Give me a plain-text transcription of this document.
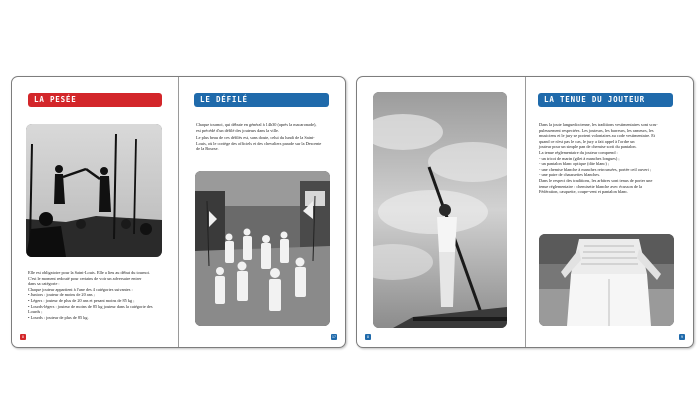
LA PESÉE
Elle est obligatoire pour la Saint-Louis. Elle a lieu au début du tournoi.
C'est le moment redouté pour certains de voir un adversaire entrer
dans sa catégorie :
Chaque jouteur appartient à l'une des 4 catégories suivantes :
• Juniors : jouteur de moins de 20 ans ;
• Légers : jouteur de plus de 20 ans et pesant moins de 85 kg ;
• Lourds-légers : jouteur de moins de 85 kg jouteur dans la catégorie des
Lourds ;
• Lourds : jouteur de plus de 85 kg.
8
LE DÉFILÉ
Chaque tournoi, qui débute en général à 14h30 (après la macaronade),
est précédé d'un défilé des jouteurs dans la ville.
Le plus beau de ces défilés est, sans doute, celui du lundi de la Saint-
Louis, où le cortège des officiels et des chevaliers parade sur la Descente
de la Bourse.
17	8
LA TENUE DU JOUTEUR
Dans la joute languedocienne, les traditions vestimentaires sont scru-
puleusement respectées. Les jouteurs, les barreurs, les rameurs, les
musiciens et le jury se portent volontaires au code vestimentaire. Et
quand ce n'est pas le cas, le jury a fait appel à l'ordre un
jouteur pour un simple pan de chemise sorti du pantalon.
La tenue réglementaire du jouteur comprend :
- un tricot de marin (gilet à manches longues) ;
- un pantalon blanc optique (dite blanc) ;
- une chemise blanche à manches retroussées, portée ceil ouvert ;
- une paire de chaussettes blanches.
Dans le respect des traditions, les arbitres sont tenus de porter une
tenue réglementaire : chemisette blanche avec écusson de la
Fédération, casquette, coupe-vent et pantalon blanc.
9
